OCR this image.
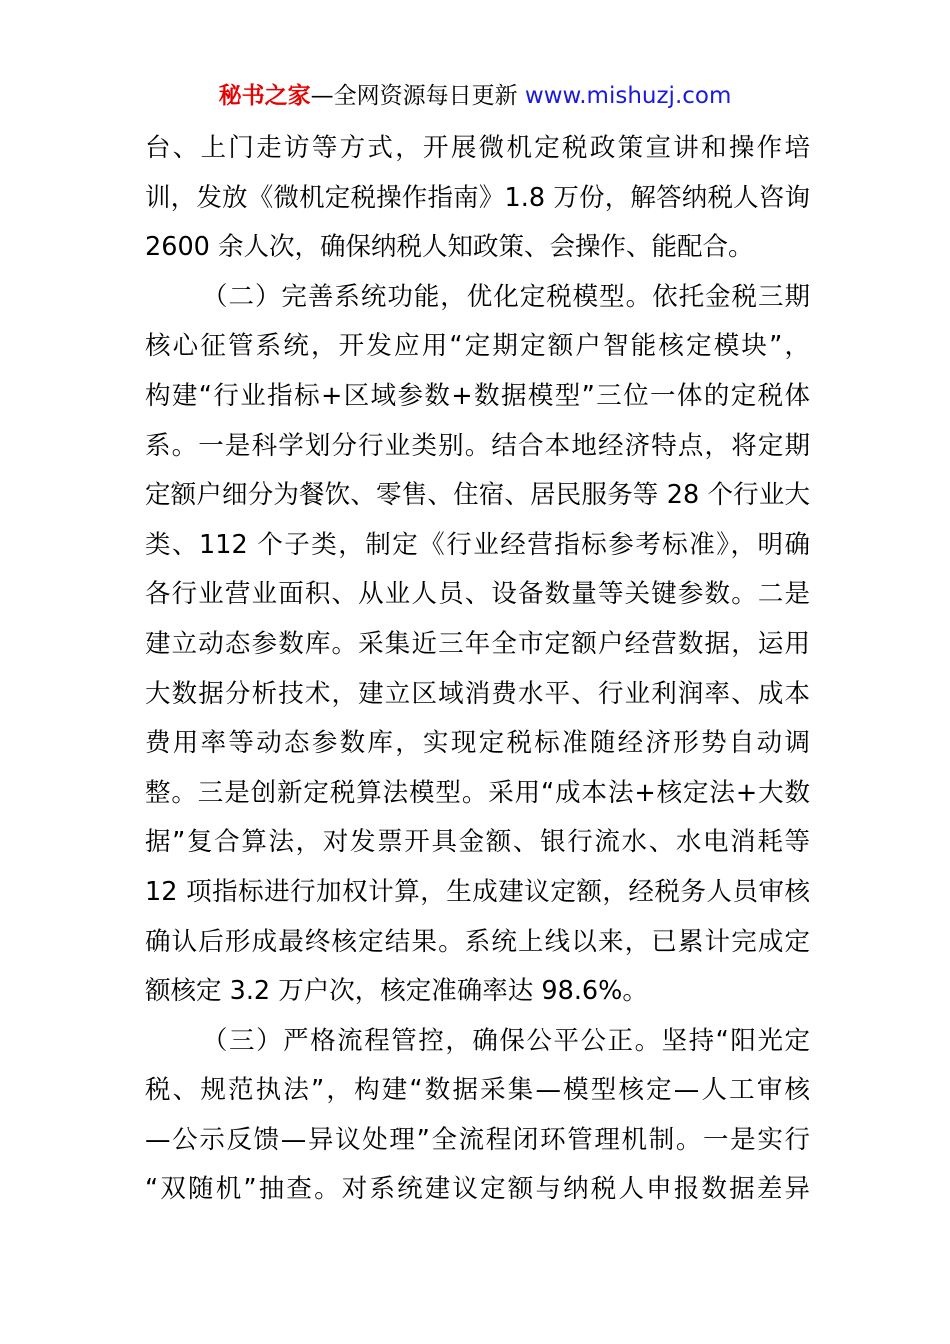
秘书之家—全网资源每日更新 www.mishuzj.com
台、上门走访等方式，开展微机定税政策宣讲和操作培
训，发放《微机定税操作指南》1.8 万份，解答纳税人咨询
2600 余人次，确保纳税人知政策、会操作、能配合。
（二）完善系统功能，优化定税模型。依托金税三期
核心征管系统，开发应用“定期定额户智能核定模块”，
构建“行业指标+区域参数+数据模型”三位一体的定税体
系。一是科学划分行业类别。结合本地经济特点，将定期
定额户细分为餐饮、零售、住宿、居民服务等 28 个行业大
类、112 个子类，制定《行业经营指标参考标准》，明确
各行业营业面积、从业人员、设备数量等关键参数。二是
建立动态参数库。采集近三年全市定额户经营数据，运用
大数据分析技术，建立区域消费水平、行业利润率、成本
费用率等动态参数库，实现定税标准随经济形势自动调
整。三是创新定税算法模型。采用“成本法+核定法+大数
据”复合算法，对发票开具金额、银行流水、水电消耗等
12 项指标进行加权计算，生成建议定额，经税务人员审核
确认后形成最终核定结果。系统上线以来，已累计完成定
额核定 3.2 万户次，核定准确率达 98.6%。
（三）严格流程管控，确保公平公正。坚持“阳光定
税、规范执法”，构建“数据采集—模型核定—人工审核
—公示反馈—异议处理”全流程闭环管理机制。一是实行
“双随机”抽查。对系统建议定额与纳税人申报数据差异
